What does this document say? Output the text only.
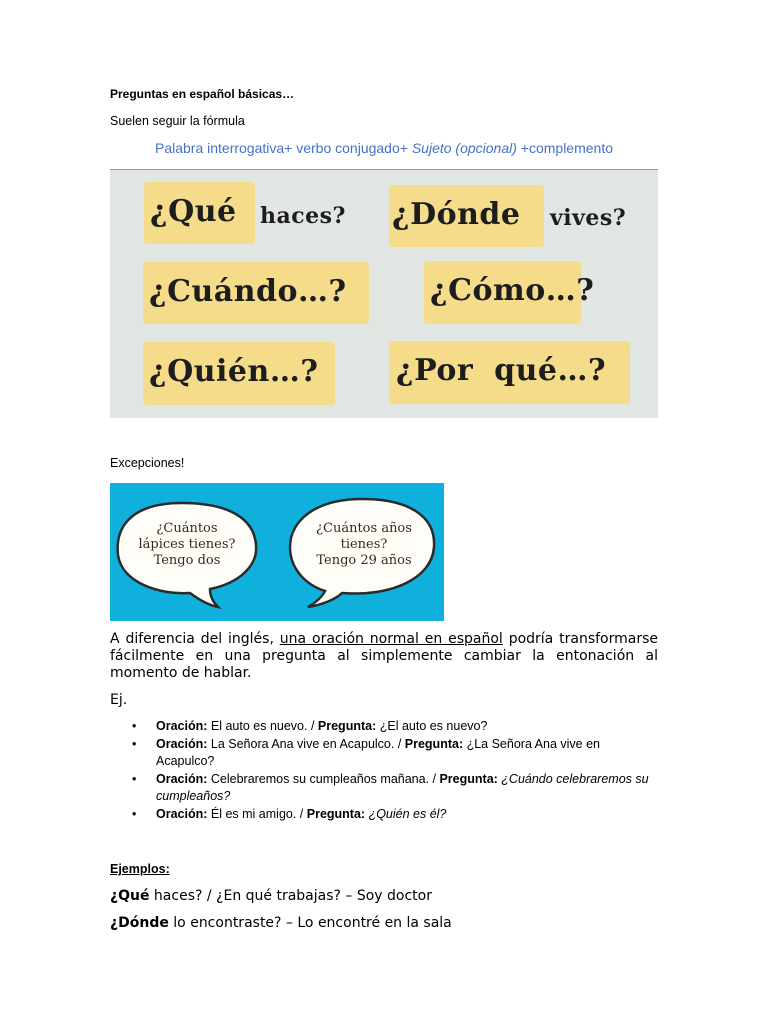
Preguntas en español básicas…
Suelen seguir la fórmula
Palabra interrogativa+ verbo conjugado+ Sujeto (opcional) +complemento
¿Qué haces? ¿Dónde vives?
¿Cuándo…?	¿Cómo…?
¿Quién…?	¿Por qué…?
Excepciones!
¿Cuántos
lápices tienes?
Tengo dos
¿Cuántos años
tienes?
Tengo 29 años
A diferencia del inglés, una oración normal en español podría transformarse fácilmente en una pregunta al simplemente cambiar la entonación al momento de hablar.
Ej.
• Oración: El auto es nuevo. / Pregunta: ¿El auto es nuevo?
• Oración: La Señora Ana vive en Acapulco. / Pregunta: ¿La Señora Ana vive en Acapulco?
• Oración: Celebraremos su cumpleaños mañana. / Pregunta: ¿Cuándo celebraremos su cumpleaños?
• Oración: Él es mi amigo. / Pregunta: ¿Quién es él?
Ejemplos:
¿Qué haces? / ¿En qué trabajas? – Soy doctor
¿Dónde lo encontraste? – Lo encontré en la sala
